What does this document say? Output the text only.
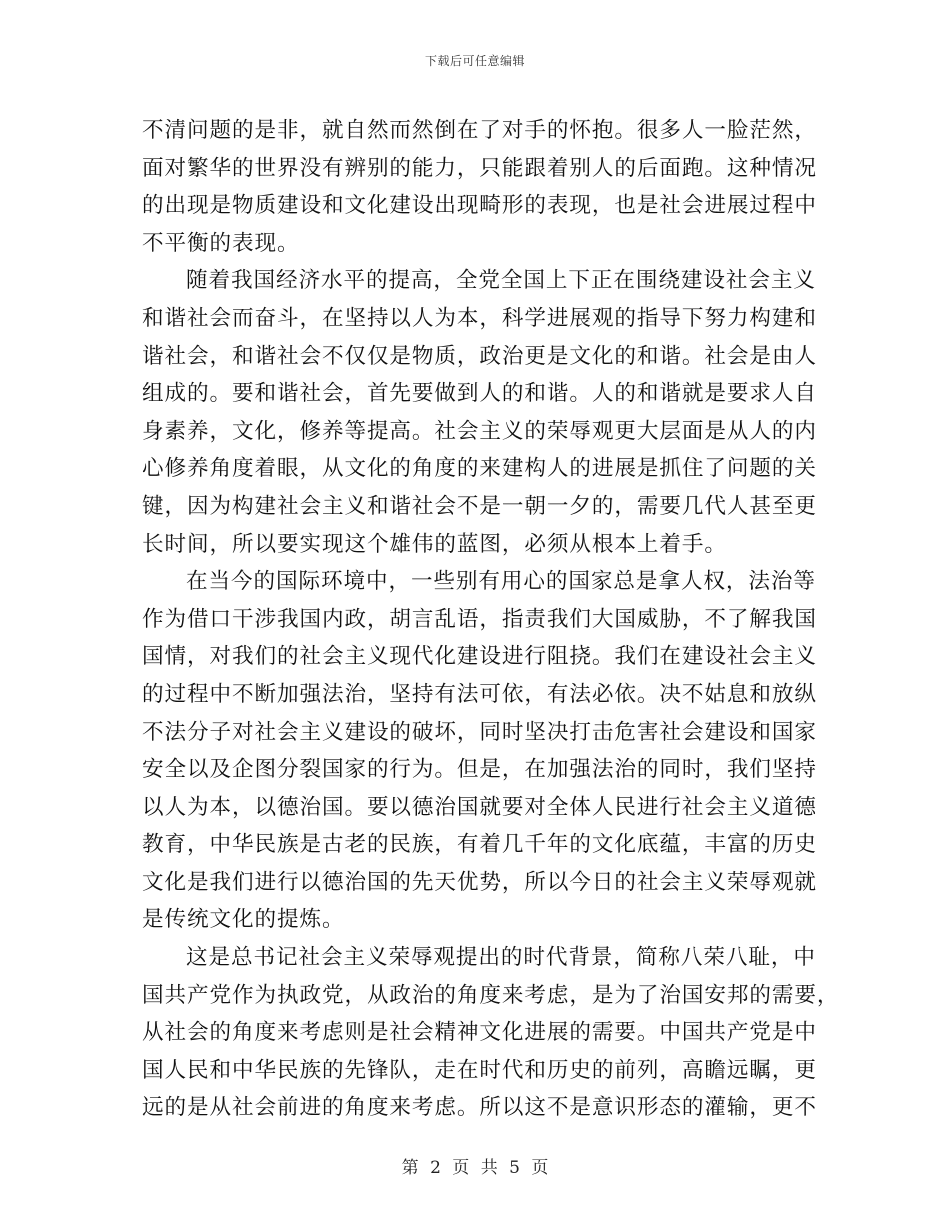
下载后可任意编辑
不清问题的是非，就自然而然倒在了对手的怀抱。很多人一脸茫然，
面对繁华的世界没有辨别的能力，只能跟着别人的后面跑。这种情况
的出现是物质建设和文化建设出现畸形的表现，也是社会进展过程中
不平衡的表现。
随着我国经济水平的提高，全党全国上下正在围绕建设社会主义
和谐社会而奋斗，在坚持以人为本，科学进展观的指导下努力构建和
谐社会，和谐社会不仅仅是物质，政治更是文化的和谐。社会是由人
组成的。要和谐社会，首先要做到人的和谐。人的和谐就是要求人自
身素养，文化，修养等提高。社会主义的荣辱观更大层面是从人的内
心修养角度着眼，从文化的角度的来建构人的进展是抓住了问题的关
键，因为构建社会主义和谐社会不是一朝一夕的，需要几代人甚至更
长时间，所以要实现这个雄伟的蓝图，必须从根本上着手。
在当今的国际环境中，一些别有用心的国家总是拿人权，法治等
作为借口干涉我国内政，胡言乱语，指责我们大国威胁，不了解我国
国情，对我们的社会主义现代化建设进行阻挠。我们在建设社会主义
的过程中不断加强法治，坚持有法可依，有法必依。决不姑息和放纵
不法分子对社会主义建设的破坏，同时坚决打击危害社会建设和国家
安全以及企图分裂国家的行为。但是，在加强法治的同时，我们坚持
以人为本，以德治国。要以德治国就要对全体人民进行社会主义道德
教育，中华民族是古老的民族，有着几千年的文化底蕴，丰富的历史
文化是我们进行以德治国的先天优势，所以今日的社会主义荣辱观就
是传统文化的提炼。
这是总书记社会主义荣辱观提出的时代背景，简称八荣八耻，中
国共产党作为执政党，从政治的角度来考虑，是为了治国安邦的需要，
从社会的角度来考虑则是社会精神文化进展的需要。中国共产党是中
国人民和中华民族的先锋队，走在时代和历史的前列，高瞻远瞩，更
远的是从社会前进的角度来考虑。所以这不是意识形态的灌输，更不
第 2 页 共 5 页
